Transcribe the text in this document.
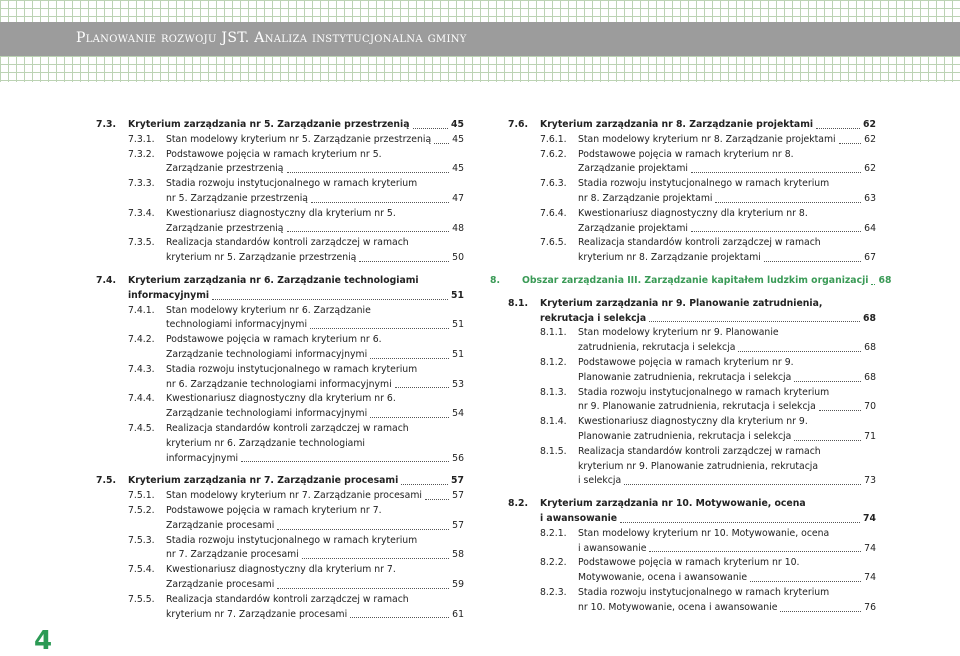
Planowanie rozwoju JST. Analiza instytucjonalna gminy
7.3. Kryterium zarządzania nr 5. Zarządzanie przestrzenią	45
7.3.1. Stan modelowy kryterium nr 5. Zarządzanie przestrzenią 45
7.3.2. Podstawowe pojęcia w ramach kryterium nr 5.
Zarządzanie przestrzenią	45
7.3.3. Stadia rozwoju instytucjonalnego w ramach kryterium
nr 5. Zarządzanie przestrzenią	47
7.3.4. Kwestionariusz diagnostyczny dla kryterium nr 5.
Zarządzanie przestrzenią	48
7.3.5. Realizacja standardów kontroli zarządczej w ramach
kryterium nr 5. Zarządzanie przestrzenią	50
7.4. Kryterium zarządzania nr 6. Zarządzanie technologiami
informacyjnymi	51
7.4.1. Stan modelowy kryterium nr 6. Zarządzanie
technologiami informacyjnymi	51
7.4.2. Podstawowe pojęcia w ramach kryterium nr 6.
Zarządzanie technologiami informacyjnymi	51
7.4.3. Stadia rozwoju instytucjonalnego w ramach kryterium
nr 6. Zarządzanie technologiami informacyjnymi	53
7.4.4. Kwestionariusz diagnostyczny dla kryterium nr 6.
Zarządzanie technologiami informacyjnymi	54
7.4.5. Realizacja standardów kontroli zarządczej w ramach
kryterium nr 6. Zarządzanie technologiami
informacyjnymi	56
7.5. Kryterium zarządzania nr 7. Zarządzanie procesami	57
7.5.1. Stan modelowy kryterium nr 7. Zarządzanie procesami	57
7.5.2. Podstawowe pojęcia w ramach kryterium nr 7.
Zarządzanie procesami	57
7.5.3. Stadia rozwoju instytucjonalnego w ramach kryterium
nr 7. Zarządzanie procesami	58
7.5.4. Kwestionariusz diagnostyczny dla kryterium nr 7.
Zarządzanie procesami	59
7.5.5. Realizacja standardów kontroli zarządczej w ramach
kryterium nr 7. Zarządzanie procesami	61
7.6. Kryterium zarządzania nr 8. Zarządzanie projektami	62
7.6.1. Stan modelowy kryterium nr 8. Zarządzanie projektami	62
7.6.2. Podstawowe pojęcia w ramach kryterium nr 8.
Zarządzanie projektami	62
7.6.3. Stadia rozwoju instytucjonalnego w ramach kryterium
nr 8. Zarządzanie projektami	63
7.6.4. Kwestionariusz diagnostyczny dla kryterium nr 8.
Zarządzanie projektami	64
7.6.5. Realizacja standardów kontroli zarządczej w ramach
kryterium nr 8. Zarządzanie projektami	67
8. Obszar zarządzania III. Zarządzanie kapitałem ludzkim organizacji 68
8.1. Kryterium zarządzania nr 9. Planowanie zatrudnienia,
rekrutacja i selekcja	68
8.1.1. Stan modelowy kryterium nr 9. Planowanie
zatrudnienia, rekrutacja i selekcja	68
8.1.2. Podstawowe pojęcia w ramach kryterium nr 9.
Planowanie zatrudnienia, rekrutacja i selekcja	68
8.1.3. Stadia rozwoju instytucjonalnego w ramach kryterium
nr 9. Planowanie zatrudnienia, rekrutacja i selekcja	70
8.1.4. Kwestionariusz diagnostyczny dla kryterium nr 9.
Planowanie zatrudnienia, rekrutacja i selekcja	71
8.1.5. Realizacja standardów kontroli zarządczej w ramach
kryterium nr 9. Planowanie zatrudnienia, rekrutacja
i selekcja	73
8.2. Kryterium zarządzania nr 10. Motywowanie, ocena
i awansowanie	74
8.2.1. Stan modelowy kryterium nr 10. Motywowanie, ocena
i awansowanie	74
8.2.2. Podstawowe pojęcia w ramach kryterium nr 10.
Motywowanie, ocena i awansowanie	74
8.2.3. Stadia rozwoju instytucjonalnego w ramach kryterium
nr 10. Motywowanie, ocena i awansowanie	76
4
